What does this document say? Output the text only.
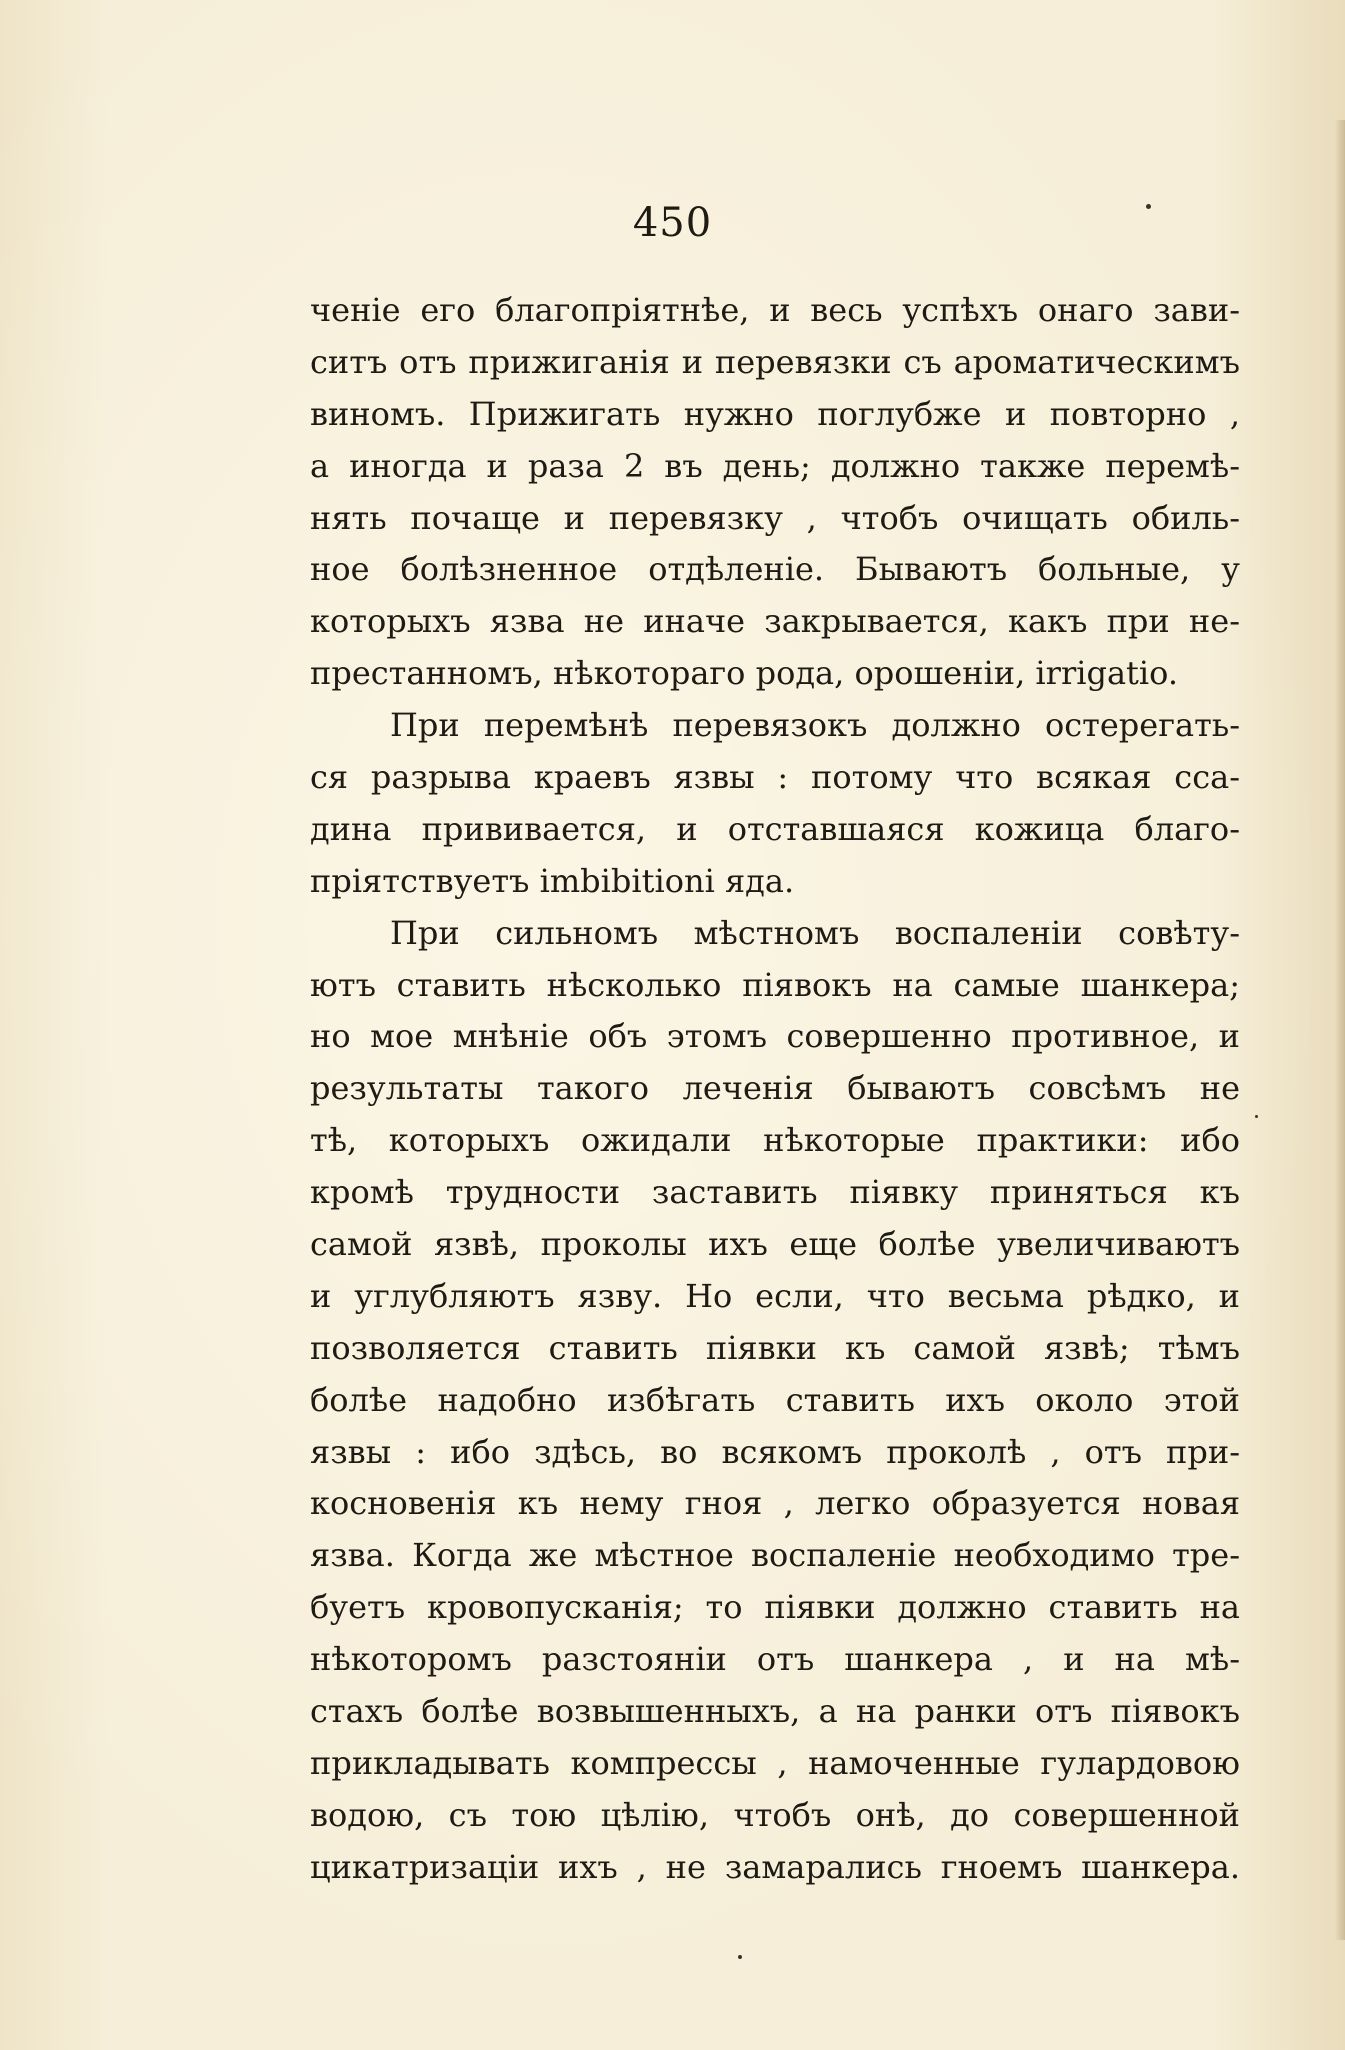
450
ченіе его благопріятнѣе, и весь успѣхъ онаго зави-
ситъ отъ прижиганія и перевязки съ ароматическимъ
виномъ. Прижигать нужно поглубже и повторно ,
а иногда и раза 2 въ день; должно также перемѣ-
нять почаще и перевязку , чтобъ очищать обиль-
ное болѣзненное отдѣленіе. Бываютъ больные, у
которыхъ язва не иначе закрывается, какъ при не-
престанномъ, нѣкотораго рода, орошеніи, irrigatio.
При перемѣнѣ перевязокъ должно остерегать-
ся разрыва краевъ язвы : потому что всякая сса-
дина прививается, и отставшаяся кожица благо-
пріятствуетъ imbibitioni яда.
При сильномъ мѣстномъ воспаленіи совѣту-
ютъ ставить нѣсколько піявокъ на самые шанкера;
но мое мнѣніе объ этомъ совершенно противное, и
результаты такого леченія бываютъ совсѣмъ не
тѣ, которыхъ ожидали нѣкоторые практики: ибо
кромѣ трудности заставить піявку приняться къ
самой язвѣ, проколы ихъ еще болѣе увеличиваютъ
и углубляютъ язву. Но если, что весьма рѣдко, и
позволяется ставить піявки къ самой язвѣ; тѣмъ
болѣе надобно избѣгать ставить ихъ около этой
язвы : ибо здѣсь, во всякомъ проколѣ , отъ при-
косновенія къ нему гноя , легко образуется новая
язва. Когда же мѣстное воспаленіе необходимо тре-
буетъ кровопусканія; то піявки должно ставить на
нѣкоторомъ разстояніи отъ шанкера , и на мѣ-
стахъ болѣе возвышенныхъ, а на ранки отъ піявокъ
прикладывать компрессы , намоченные гулардовою
водою, съ тою цѣлію, чтобъ онѣ, до совершенной
цикатризаціи ихъ , не замарались гноемъ шанкера.
